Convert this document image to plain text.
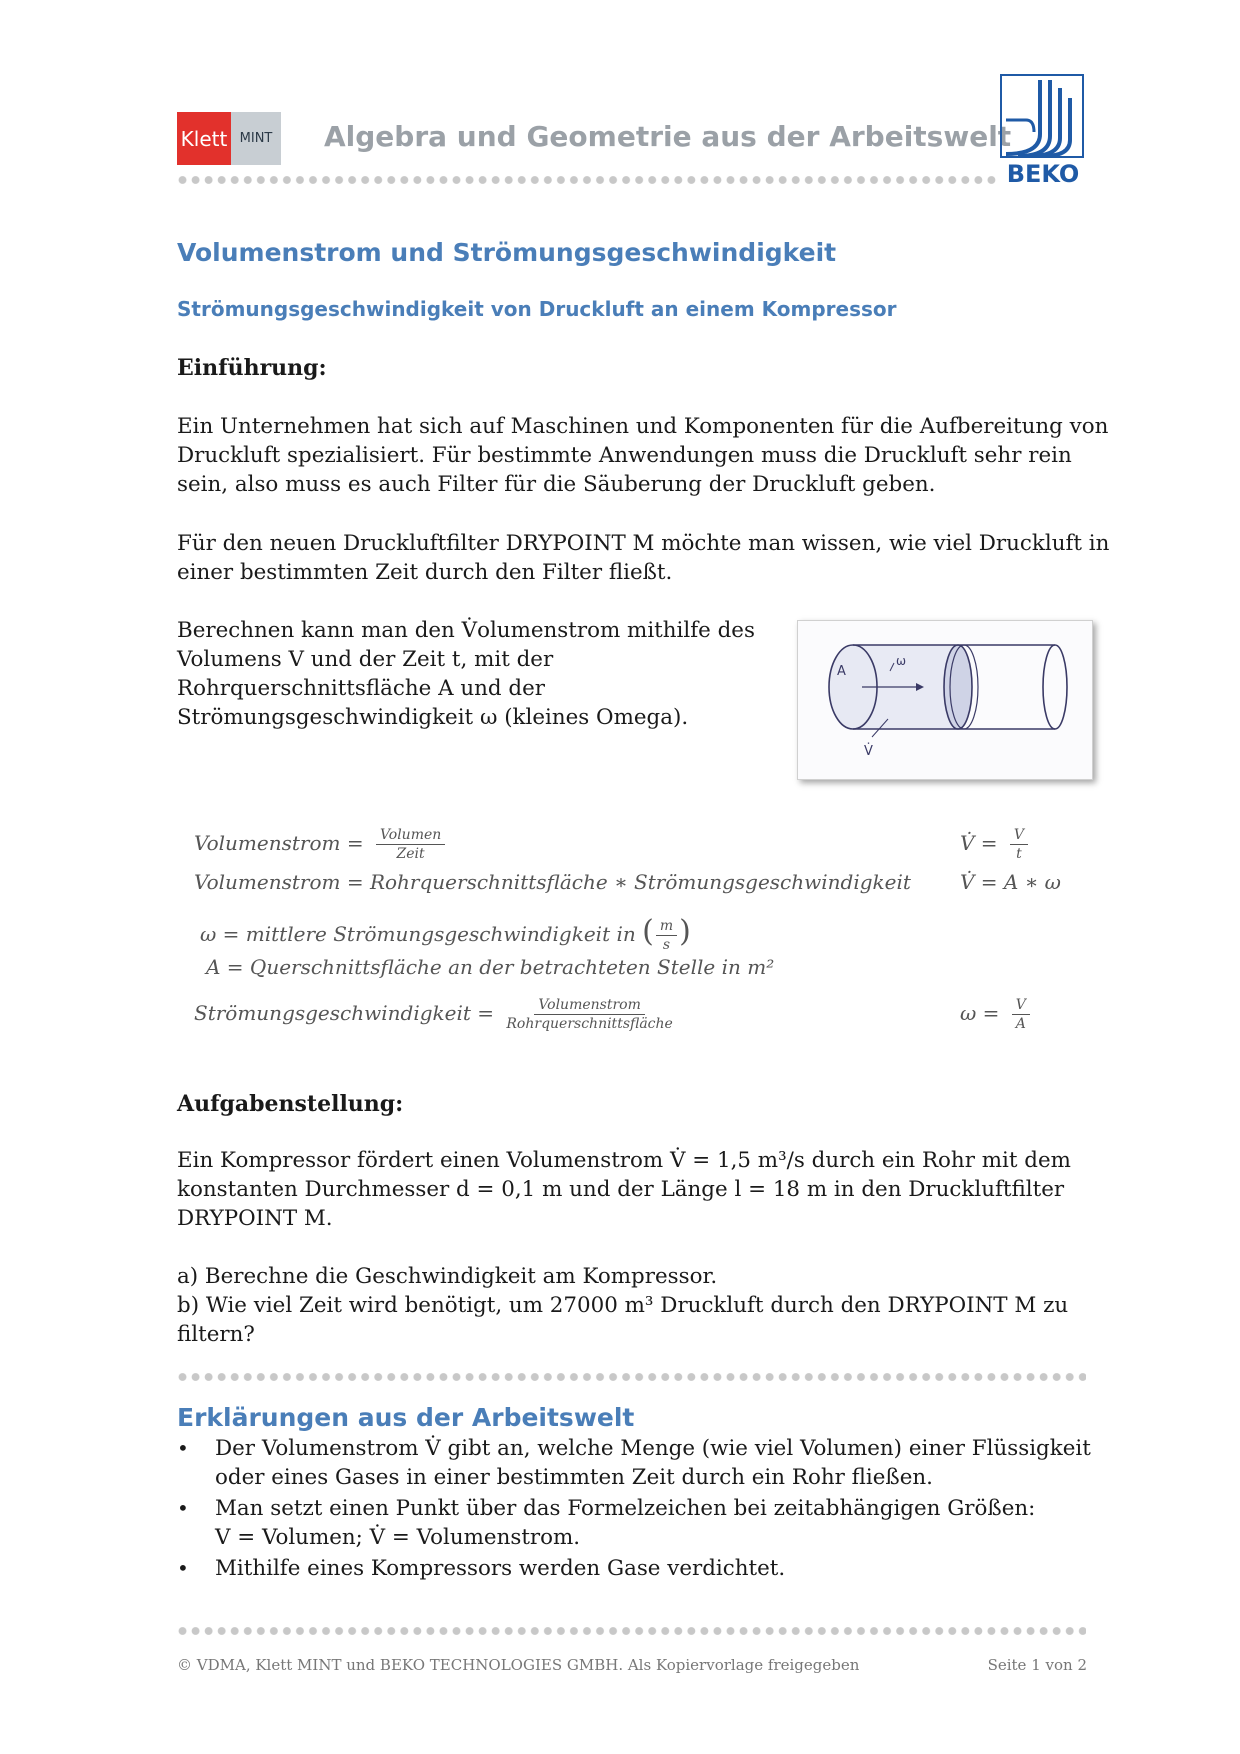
Klett MINT	Algebra und Geometrie aus der Arbeitswelt
BEKO
Volumenstrom und Strömungsgeschwindigkeit
Strömungsgeschwindigkeit von Druckluft an einem Kompressor
Einführung:
Ein Unternehmen hat sich auf Maschinen und Komponenten für die Aufbereitung von
Druckluft spezialisiert. Für bestimmte Anwendungen muss die Druckluft sehr rein
sein, also muss es auch Filter für die Säuberung der Druckluft geben.
Für den neuen Druckluftfilter DRYPOINT M möchte man wissen, wie viel Druckluft in
einer bestimmten Zeit durch den Filter fließt.
Berechnen kann man den V̇olumenstrom mithilfe des
Volumens V und der Zeit t, mit der
Rohrquerschnittsfläche A und der
Strömungsgeschwindigkeit ω (kleines Omega).
A
ω
V̇
Volumenstrom = $\frac{\text{Volumen}}{\text{Zeit}}$	V̇ = $\frac{V}{t}$
Volumenstrom = Rohrquerschnittsfläche ∗ Strömungsgeschwindigkeit V̇ = A ∗ ω
ω = mittlere Strömungsgeschwindigkeit in ( $\frac{m}{s}$ )
A = Querschnittsfläche an der betrachteten Stelle in m²
Strömungsgeschwindigkeit = $\frac{\text{Volumenstrom}}{\text{Rohrquerschnittsfläche}}$	$\omega = \frac{V}{A}$
Aufgabenstellung:
Ein Kompressor fördert einen Volumenstrom V̇ = 1,5 m³/s durch ein Rohr mit dem
konstanten Durchmesser d = 0,1 m und der Länge l = 18 m in den Druckluftfilter
DRYPOINT M.
a) Berechne die Geschwindigkeit am Kompressor.
b) Wie viel Zeit wird benötigt, um 27000 m³ Druckluft durch den DRYPOINT M zu
filtern?
Erklärungen aus der Arbeitswelt
•	Der Volumenstrom V̇ gibt an, welche Menge (wie viel Volumen) einer Flüssigkeit
oder eines Gases in einer bestimmten Zeit durch ein Rohr fließen.
•	Man setzt einen Punkt über das Formelzeichen bei zeitabhängigen Größen:
V = Volumen; V̇ = Volumenstrom.
•	Mithilfe eines Kompressors werden Gase verdichtet.
© VDMA, Klett MINT und BEKO TECHNOLOGIES GMBH. Als Kopiervorlage freigegeben	Seite 1 von 2
